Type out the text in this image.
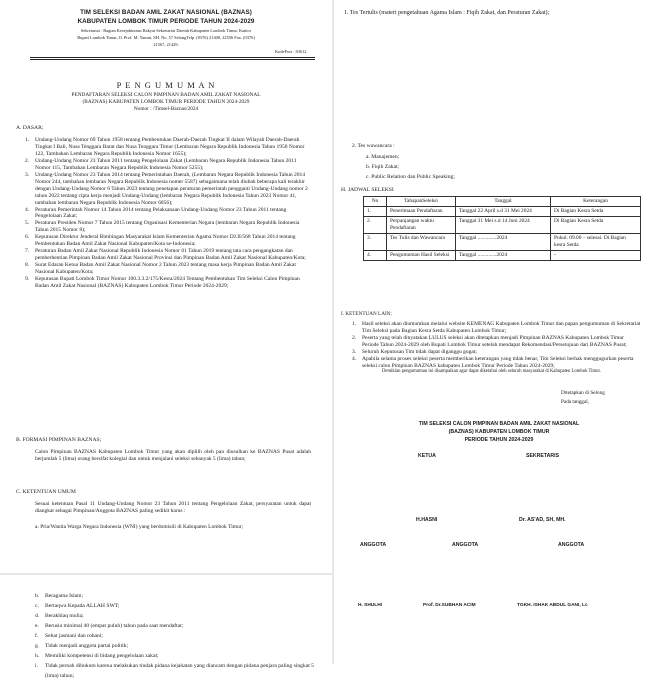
TIM SELEKSI BADAN AMIL ZAKAT NASIONAL (BAZNAS)
KABUPATEN LOMBOK TIMUR PERIODE TAHUN 2024-2029
Sekretariat : Bagian Kesejahteraan Rakyat Sekretariat Daerah Kabupaten Lombok Timur, Kantor
Bupati Lombok Timur, Jl. Prof. M. Yamin, SH. No. 57 SelongTelp. (0376) 21408, 22556 Fax. (0376)
21567, 21429.
KodePost : 83612
P E N G U M U M A N
PENDAFTARAN SELEKSI CALON PIMPINAN BADAN AMIL ZAKAT NASIONAL
(BAZNAS) KABUPATEN LOMBOK TIMUR PERIODE TAHUN 2024-2029
Nomor : /Timsel-Baznas/2024
A. DASAR;
1. Undang-Undang Nomor 69 Tahun 1958 tentang Pembentukan Daerah-Daerah Tingkat II dalam Wilayah Daerah-Daerah Tingkat I Bali, Nusa Tenggara Barat dan Nusa Tenggara Timur (Lembaran Negara Republik Indonesia Tahun 1958 Nomor 122, Tambahan Lembaran Negara Republik Indonesia Nomor 1655);
2. Undang-Undang Nomor 23 Tahun 2011 tentang Pengelolaan Zakat (Lembaran Negara Republik Indonesia Tahun 2011 Nomor 115, Tambahan Lembaran Negara Republik Indonesia Nomor 5255);
3. Undang-Undang Nomor 23 Tahun 2014 tentang Pemerintahan Daerah, (Lembaran Negara Republik Indonesia Tahun 2014 Nomor 244, tambahan lembaran Negara Republik Indonesia nomer 5587) sebagaimana telah diubah beberapa kali terakhir dengan Undang-Undang Nomor 6 Tahun 2023 tentang penetapan peraturan pemerintah pengganti Undang-Undang nomor 2 tahun 2022 tentang cipta kerja menjadi Undang-Undang (lembaran Negara Republik Indonesia Tahun 2023 Nomor 41, tambahan lembaran Negara Republik Indonesia Nomor 6856);
4. Peraturan Pemerintah Nomor 14 Tahun 2014 tentang Pelaksanaan Undang-Undang Nomor 23 Tahun 2011 tentang Pengelolaan Zakat;
5. Peraturan Presiden Nomor 7 Tahun 2015 tentang Organisasi Kementerian Negara (lembaran Negara Republik Indonesia Tahun 2015 Nomor 8);
6. Keputusan Direktur Jenderal Bimbingan Masyarakat Islam Kementerian Agama Nomor DJ.II/568 Tahun 2014 tentang Pembentukan Badan Amil Zakat Nasional Kabupaten/Kota se-Indonesia;
7. Peraturan Badan Amil Zakat Nasional Republik Indonesia Nomor 01 Tahun 2019 tentang tata cara pengangkatan dan pemberhentian Pimpinan Badan Amil Zakat Nasional Provinsi dan Pimpinan Badan Amil Zakat Nasional Kabupaten/Kota;
8. Surat Edaran Ketua Badan Amil Zakat Nasional Nomor 2 Tahun 2023 tentang masa kerja Pimpinan Badan Amil Zakat Nasional Kabupaten/Kota;
9. Keputusan Bupati Lombok Timur Nomor 100.3.3.2/175/Kesra/2024 Tentang Pembentukan Tim Seleksi Calon Pimpinan Badan Amil Zakat Nasional (BAZNAS) Kabupaten Lombok Timur Periode 2024-2029;
B. FORMASI PIMPINAN BAZNAS;
Calon Pimpinan BAZNAS Kabupaten Lombok Timur yang akan dipilih oleh pan diusulkan ke BAZNAS Pusat adalah berjumlah 5 (lima) orang bersifat kolegial dan untuk menjalani seleksi sebanyak 5 (lima) tahun;
C. KETENTUAN UMUM
Sesuai ketentuan Pasal 11 Undang-Undang Nomor 23 Tahun 2011 tentang Pengelolaan Zakat, persyaratan untuk dapat diangkat sebagai Pimpinan/Anggota BAZNAS paling sedikit harus :
a. Pria/Wanita Warga Negara Indonesia (WNI) yang berdomisili di Kabupaten Lombok Timur;
b. Beragama Islam;
c. Bertaqwa Kepada ALLAH SWT;
d. Berakhlaq mulia;
e. Berusia minimal 40 (empat puluh) tahun pada saat mendaftar;
f. Sehat jasmani dan rohani;
g. Tidak menjadi anggota partai politik;
h. Memiliki kompetensi di bidang pengelolaan zakat;
i. Tidak pernah dihukum karena melakukan tindak pidana kejahatan yang diancam dengan pidana penjara paling singkat 5 (lima) tahun;
1. Tes Tertulis (materi pengetahuan Agama Islam : Fiqih Zakat, dan Peraturan Zakat);
2. Tes wawancara :
a. Manajemen;
b. Fiqih Zakat;
c. Public Relation dan Public Speaking;
H. JADWAL SELEKSI
No	TahapanSeleksi	Tanggal	Keterangan
1.	Penerimaan Pendaftaran	Tanggal 22 April s.d 31 Mei 2024	Di Bagian Kesra Setda
2.	Perpanjangan waktu Pendaftaran	Tanggal 31 Mei s.d 14 Juni 2024	Di Bagian Kesra Setda
3.	Tes Tulis dan Wawancara	Tanggal ..............2024	Pukul. 09.00 – selesai. Di Bagian kesra Setda
4.	Pengumuman Hasil Seleksi	Tanggal ..............2024	-
I. KETENTUAN LAIN;
1. Hasil seleksi akan diumumkan melalui website KEMENAG Kabupaten Lombok Timur dan papan pengumuman di Sekretariat Tim Seleksi pada Bagian Kesra Setda Kabupaten Lombok Timur;
2. Peserta yang telah dinyatakan LULUS seleksi akan ditetapkan menjadi Pimpinan BAZNAS Kabupaten Lombok Timur Periode Tahun 2024-2029 oleh Bupati Lombok Timur setelah mendapat Rekomendasi/Persetujuan dari BAZNAS Pusat;
3. Seluruh Keputusan Tim tidak dapat diganggu gugat;
4. Apabila selama proses seleksi peserta memberikan keterangan yang tidak benar, Tim Seleksi berhak menggugurkan peserta seleksi calon Pimpinan BAZNAS kabupaten Lombok Timur Periode Tahun 2024-2029;
Demikian pengumuman ini disampaikan agar dapat diketahui oleh seluruh masyarakat di Kabupaten Lombok Timur.
Ditetapkan di Selong
Pada tanggal,
TIM SELEKSI CALON PIMPINAN BADAN AMIL ZAKAT NASIONAL
(BAZNAS) KABUPATEN LOMBOK TIMUR
PERIODE TAHUN 2024-2029
KETUA	SEKRETARIS
H.HASNI	Dr. AS'AD, SH, MH.
ANGGOTA	ANGGOTA	ANGGOTA
H. SHULHI	Prof. Dr.SUBHAN ACIM	TGKH. ISHAK ABDUL GANI, Lc
